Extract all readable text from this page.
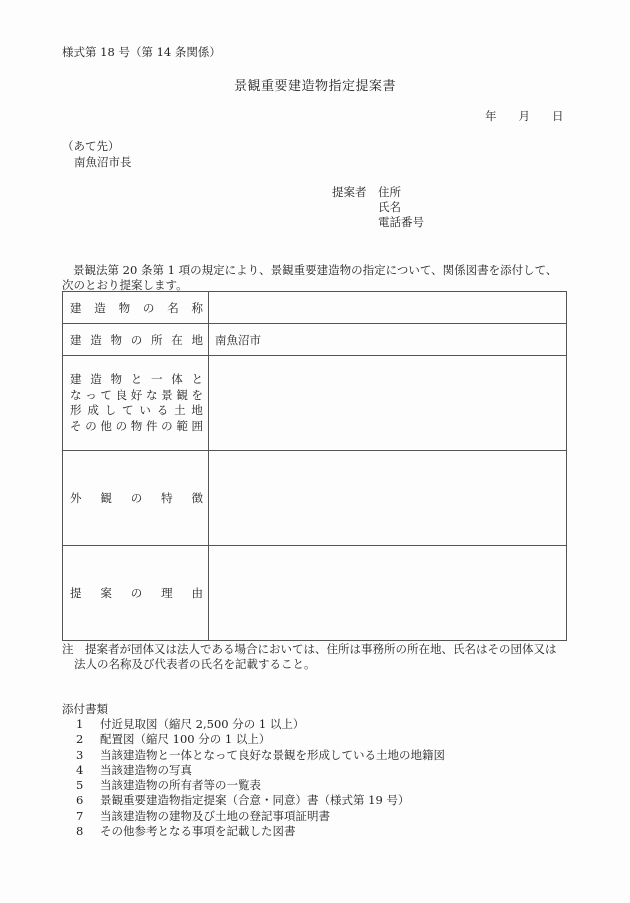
様式第 18 号（第 14 条関係）
景観重要建造物指定提案書
年 月 日
（あて先）
南魚沼市長
提案者 住所
氏名
電話番号
景観法第 20 条第 1 項の規定により、景観重要建造物の指定について、関係図書を添付して、次のとおり提案します。
建 造 物 の 名 称

建 造 物 の 所 在 地	南魚沼市

建 造 物 と 一 体 と
な っ て 良 好 な 景 観 を
形 成 し て い る 土 地
そ の 他 の 物 件 の 範 囲

外 観 の 特 徴	

提 案 の 理 由	

注　提案者が団体又は法人である場合においては、住所は事務所の所在地、氏名はその団体又は
法人の名称及び代表者の氏名を記載すること。
添付書類
1	付近見取図（縮尺 2,500 分の 1 以上）
2	配置図（縮尺 100 分の 1 以上）
3	当該建造物と一体となって良好な景観を形成している土地の地籍図
4	当該建造物の写真
5	当該建造物の所有者等の一覧表
6	景観重要建造物指定提案（合意・同意）書（様式第 19 号）
7	当該建造物の建物及び土地の登記事項証明書
8	その他参考となる事項を記載した図書
